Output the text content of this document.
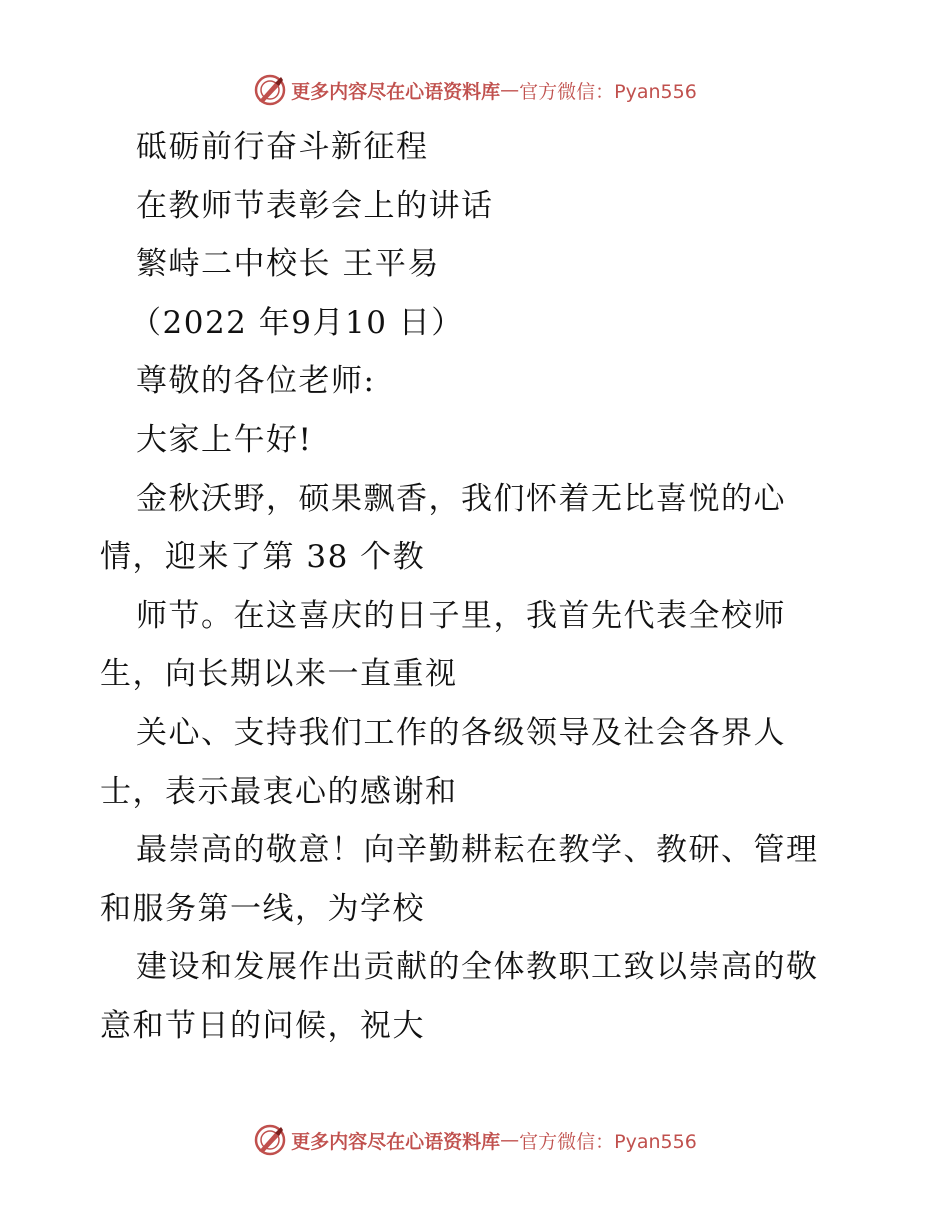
更多内容尽在心语资料库 — 官方微信：Pyan556
砥砺前行奋斗新征程
在教师节表彰会上的讲话
繁峙二中校长 王平易
（2022 年9月10 日）
尊敬的各位老师:
大家上午好!
金秋沃野，硕果飘香，我们怀着无比喜悦的心
情，迎来了第 38 个教
师节。在这喜庆的日子里，我首先代表全校师
生，向长期以来一直重视
关心、支持我们工作的各级领导及社会各界人
士，表示最衷心的感谢和
最崇高的敬意！向辛勤耕耘在教学、教研、管理
和服务第一线，为学校
建设和发展作出贡献的全体教职工致以崇高的敬
意和节日的问候，祝大
更多内容尽在心语资料库 — 官方微信：Pyan556
